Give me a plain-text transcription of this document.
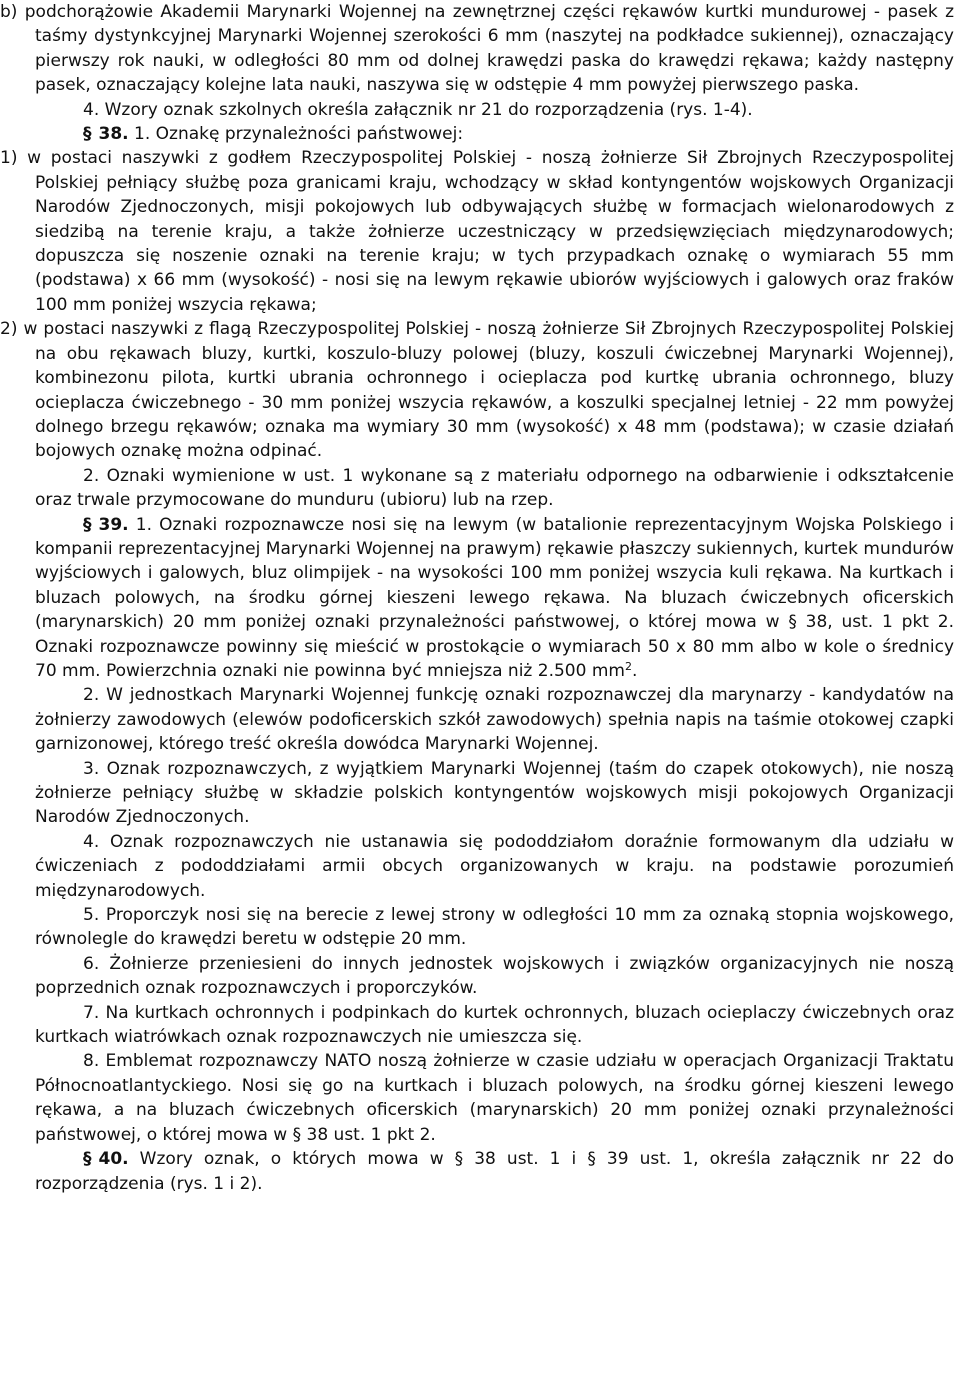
b) podchorążowie Akademii Marynarki Wojennej na zewnętrznej części rękawów kurtki mundurowej - pasek z taśmy dystynkcyjnej Marynarki Wojennej szerokości 6 mm (naszytej na podkładce sukiennej), oznaczający pierwszy rok nauki, w odległości 80 mm od dolnej krawędzi paska do krawędzi rękawa; każdy następny pasek, oznaczający kolejne lata nauki, naszywa się w odstępie 4 mm powyżej pierwszego paska.

4. Wzory oznak szkolnych określa załącznik nr 21 do rozporządzenia (rys. 1-4).

§ 38. 1. Oznakę przynależności państwowej:

1) w postaci naszywki z godłem Rzeczypospolitej Polskiej - noszą żołnierze Sił Zbrojnych Rzeczypospolitej Polskiej pełniący służbę poza granicami kraju, wchodzący w skład kontyngentów wojskowych Organizacji Narodów Zjednoczonych, misji pokojowych lub odbywających służbę w formacjach wielonarodowych z siedzibą na terenie kraju, a także żołnierze uczestniczący w przedsięwzięciach międzynarodowych; dopuszcza się noszenie oznaki na terenie kraju; w tych przypadkach oznakę o wymiarach 55 mm (podstawa) x 66 mm (wysokość) - nosi się na lewym rękawie ubiorów wyjściowych i galowych oraz fraków 100 mm poniżej wszycia rękawa;

2) w postaci naszywki z flagą Rzeczypospolitej Polskiej - noszą żołnierze Sił Zbrojnych Rzeczypospolitej Polskiej na obu rękawach bluzy, kurtki, koszulo-bluzy polowej (bluzy, koszuli ćwiczebnej Marynarki Wojennej), kombinezonu pilota, kurtki ubrania ochronnego i ocieplacza pod kurtkę ubrania ochronnego, bluzy ocieplacza ćwiczebnego - 30 mm poniżej wszycia rękawów, a koszulki specjalnej letniej - 22 mm powyżej dolnego brzegu rękawów; oznaka ma wymiary 30 mm (wysokość) x 48 mm (podstawa); w czasie działań bojowych oznakę można odpinać.

2. Oznaki wymienione w ust. 1 wykonane są z materiału odpornego na odbarwienie i odkształcenie oraz trwale przymocowane do munduru (ubioru) lub na rzep.

§ 39. 1. Oznaki rozpoznawcze nosi się na lewym (w batalionie reprezentacyjnym Wojska Polskiego i kompanii reprezentacyjnej Marynarki Wojennej na prawym) rękawie płaszczy sukiennych, kurtek mundurów wyjściowych i galowych, bluz olimpijek - na wysokości 100 mm poniżej wszycia kuli rękawa. Na kurtkach i bluzach polowych, na środku górnej kieszeni lewego rękawa. Na bluzach ćwiczebnych oficerskich (marynarskich) 20 mm poniżej oznaki przynależności państwowej, o której mowa w § 38, ust. 1 pkt 2. Oznaki rozpoznawcze powinny się mieścić w prostokącie o wymiarach 50 x 80 mm albo w kole o średnicy 70 mm. Powierzchnia oznaki nie powinna być mniejsza niż 2.500 $mm^2$.

2. W jednostkach Marynarki Wojennej funkcję oznaki rozpoznawczej dla marynarzy - kandydatów na żołnierzy zawodowych (elewów podoficerskich szkół zawodowych) spełnia napis na taśmie otokowej czapki garnizonowej, którego treść określa dowódca Marynarki Wojennej.

3. Oznak rozpoznawczych, z wyjątkiem Marynarki Wojennej (taśm do czapek otokowych), nie noszą żołnierze pełniący służbę w składzie polskich kontyngentów wojskowych misji pokojowych Organizacji Narodów Zjednoczonych.

4. Oznak rozpoznawczych nie ustanawia się pododdziałom doraźnie formowanym dla udziału w ćwiczeniach z pododdziałami armii obcych organizowanych w kraju. na podstawie porozumień międzynarodowych.

5. Proporczyk nosi się na berecie z lewej strony w odległości 10 mm za oznaką stopnia wojskowego, równolegle do krawędzi beretu w odstępie 20 mm.

6. Żołnierze przeniesieni do innych jednostek wojskowych i związków organizacyjnych nie noszą poprzednich oznak rozpoznawczych i proporczyków.

7. Na kurtkach ochronnych i podpinkach do kurtek ochronnych, bluzach ocieplaczy ćwiczebnych oraz kurtkach wiatrówkach oznak rozpoznawczych nie umieszcza się.

8. Emblemat rozpoznawczy NATO noszą żołnierze w czasie udziału w operacjach Organizacji Traktatu Północnoatlantyckiego. Nosi się go na kurtkach i bluzach polowych, na środku górnej kieszeni lewego rękawa, a na bluzach ćwiczebnych oficerskich (marynarskich) 20 mm poniżej oznaki przynależności państwowej, o której mowa w § 38 ust. 1 pkt 2.

§ 40. Wzory oznak, o których mowa w § 38 ust. 1 i § 39 ust. 1, określa załącznik nr 22 do rozporządzenia (rys. 1 i 2).
